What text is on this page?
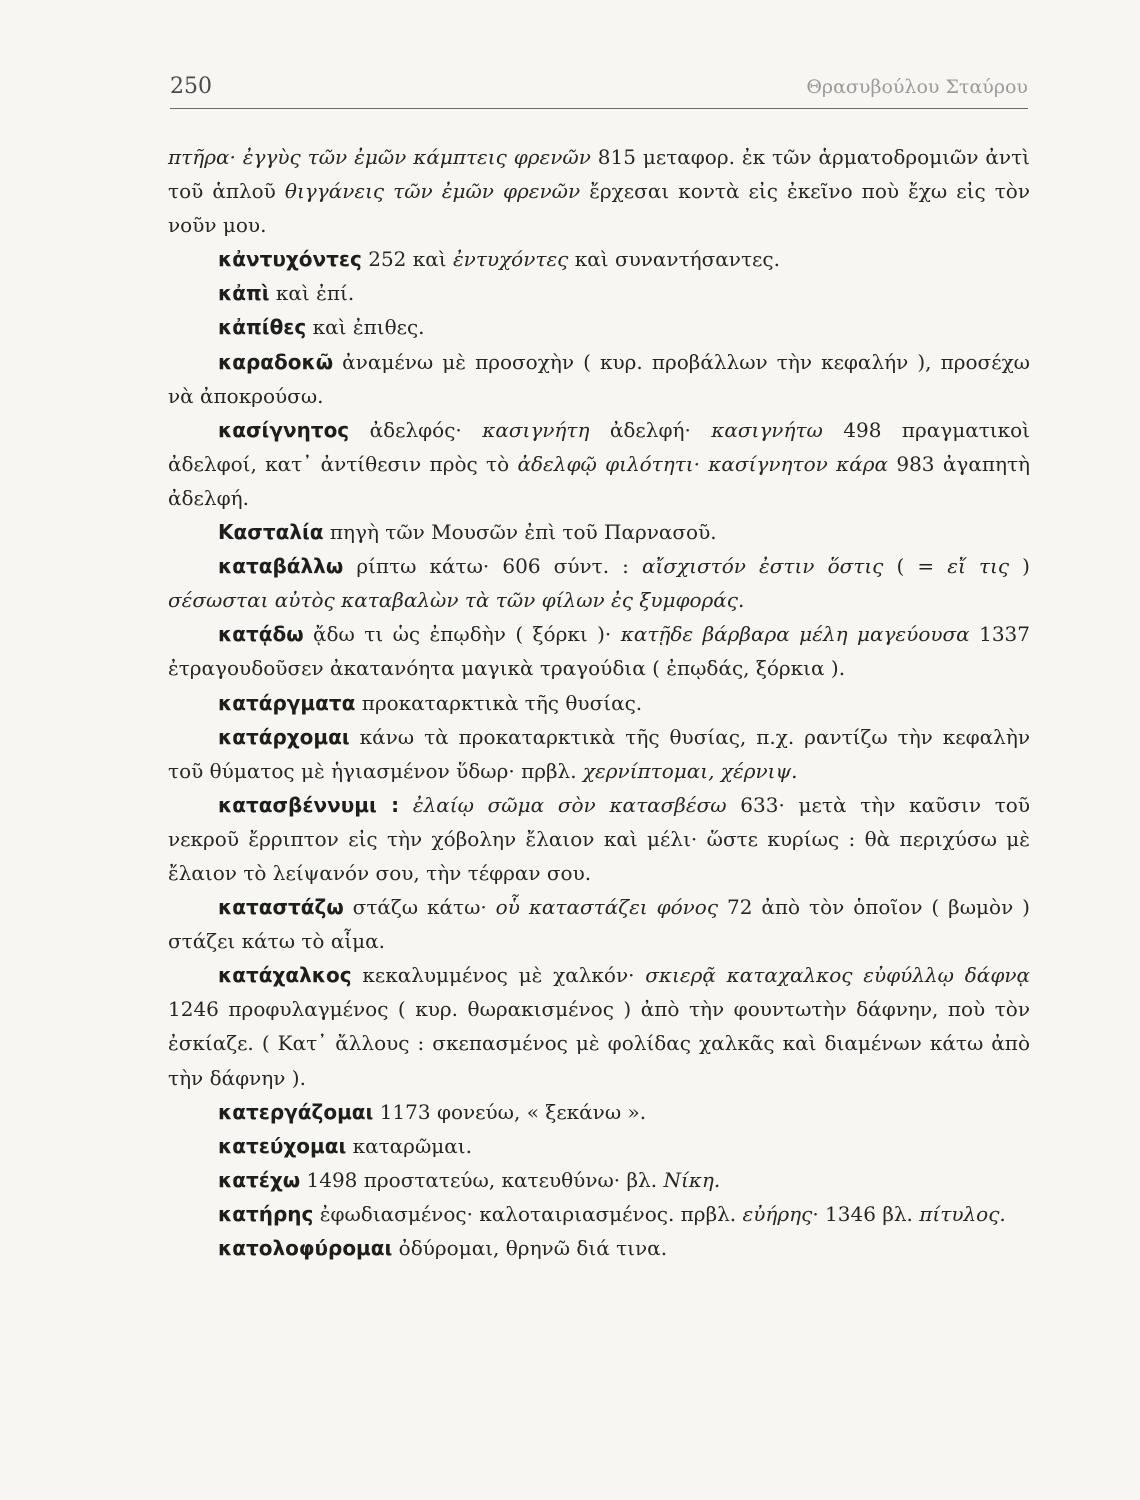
250	Θρασυβούλου Σταύρου

πτῆρα· ἐγγὺς τῶν ἐμῶν κάμπτεις φρενῶν 815 μεταφορ. ἐκ τῶν ἁρματοδρομιῶν ἀντὶ τοῦ ἁπλοῦ θιγγάνεις τῶν ἐμῶν φρενῶν ἔρχεσαι κοντὰ εἰς ἐκεῖνο ποὺ ἔχω εἰς τὸν νοῦν μου.

κἀντυχόντες 252 καὶ ἐντυχόντες καὶ συναντήσαντες.

κἀπὶ καὶ ἐπί.

κἀπίθες καὶ ἐπιθες.

καραδοκῶ ἀναμένω μὲ προσοχὴν ( κυρ. προβάλλων τὴν κεφαλήν ), προσέχω νὰ ἀποκρούσω.

κασίγνητος ἀδελφός· κασιγνήτη ἀδελφή· κασιγνήτω 498 πραγματικοὶ ἀδελφοί, κατ᾽ ἀντίθεσιν πρὸς τὸ ἀδελφῷ φιλότητι· κασίγνητον κάρα 983 ἀγαπητὴ ἀδελφή.

Κασταλία πηγὴ τῶν Μουσῶν ἐπὶ τοῦ Παρνασοῦ.

καταβάλλω ρίπτω κάτω· 606 σύντ. : αἴσχιστόν ἐστιν ὅστις ( = εἴ τις ) σέσωσται αὐτὸς καταβαλὼν τὰ τῶν φίλων ἐς ξυμφοράς.

κατᾴδω ᾄδω τι ὡς ἐπῳδὴν ( ξόρκι )· κατῇδε βάρβαρα μέλη μαγεύουσα 1337 ἐτραγουδοῦσεν ἀκατανόητα μαγικὰ τραγούδια ( ἐπῳδάς, ξόρκια ).

κατάργματα προκαταρκτικὰ τῆς θυσίας.

κατάρχομαι κάνω τὰ προκαταρκτικὰ τῆς θυσίας, π.χ. ραντίζω τὴν κεφαλὴν τοῦ θύματος μὲ ἡγιασμένον ὕδωρ· πρβλ. χερνίπτομαι, χέρνιψ.

κατασβέννυμι : ἐλαίῳ σῶμα σὸν κατασβέσω 633· μετὰ τὴν καῦσιν τοῦ νεκροῦ ἔρριπτον εἰς τὴν χόβολην ἔλαιον καὶ μέλι· ὥστε κυρίως : θὰ περιχύσω μὲ ἔλαιον τὸ λείψανόν σου, τὴν τέφραν σου.

καταστάζω στάζω κάτω· οὗ καταστάζει φόνος 72 ἀπὸ τὸν ὁποῖον ( βωμὸν ) στάζει κάτω τὸ αἷμα.

κατάχαλκος κεκαλυμμένος μὲ χαλκόν· σκιερᾷ καταχαλκος εὐφύλλῳ δάφνᾳ 1246 προφυλαγμένος ( κυρ. θωρακισμένος ) ἀπὸ τὴν φουντωτὴν δάφνην, ποὺ τὸν ἐσκίαζε. ( Κατ᾽ ἄλλους : σκεπασμένος μὲ φολίδας χαλκᾶς καὶ διαμένων κάτω ἀπὸ τὴν δάφνην ).

κατεργάζομαι 1173 φονεύω, « ξεκάνω ».

κατεύχομαι καταρῶμαι.

κατέχω 1498 προστατεύω, κατευθύνω· βλ. Νίκη.

κατήρης ἐφωδιασμένος· καλοταιριασμένος. πρβλ. εὐήρης· 1346 βλ. πίτυλος.

κατολοφύρομαι ὀδύρομαι, θρηνῶ διά τινα.
